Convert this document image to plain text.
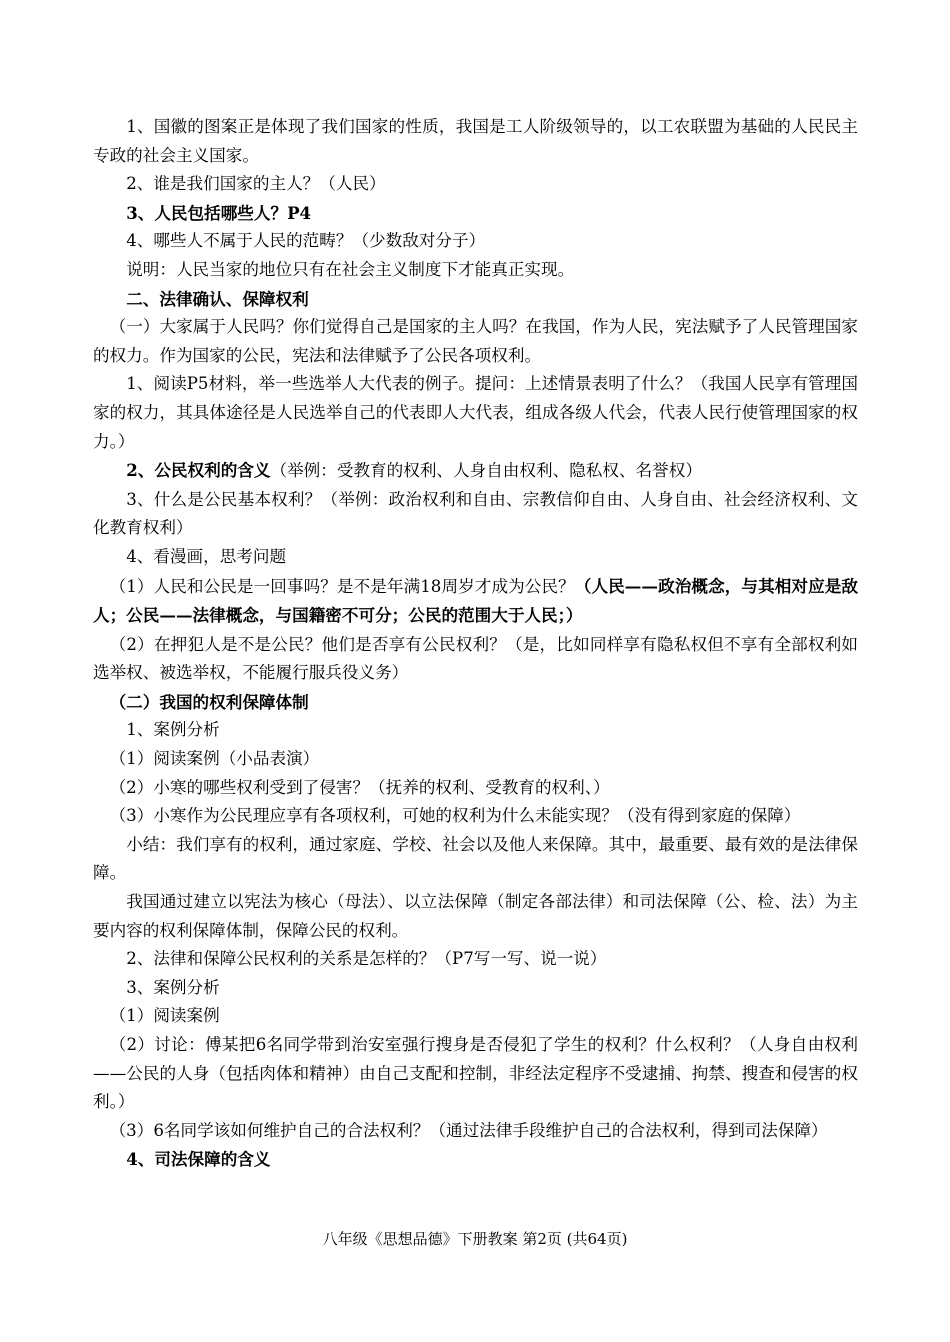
1、国徽的图案正是体现了我们国家的性质，我国是工人阶级领导的，以工农联盟为基础的人民民主专政的社会主义国家。

2、谁是我们国家的主人？（人民）

3、人民包括哪些人？P4

4、哪些人不属于人民的范畴？（少数敌对分子）

说明：人民当家的地位只有在社会主义制度下才能真正实现。

二、法律确认、保障权利

（一）大家属于人民吗？你们觉得自己是国家的主人吗？在我国，作为人民，宪法赋予了人民管理国家的权力。作为国家的公民，宪法和法律赋予了公民各项权利。

1、阅读P5材料，举一些选举人大代表的例子。提问：上述情景表明了什么？（我国人民享有管理国家的权力，其具体途径是人民选举自己的代表即人大代表，组成各级人代会，代表人民行使管理国家的权力。）

2、公民权利的含义（举例：受教育的权利、人身自由权利、隐私权、名誉权）

3、什么是公民基本权利？（举例：政治权利和自由、宗教信仰自由、人身自由、社会经济权利、文化教育权利）

4、看漫画，思考问题

（1）人民和公民是一回事吗？是不是年满18周岁才成为公民？（人民——政治概念，与其相对应是敌人；公民——法律概念，与国籍密不可分；公民的范围大于人民；）

（2）在押犯人是不是公民？他们是否享有公民权利？（是，比如同样享有隐私权但不享有全部权利如选举权、被选举权，不能履行服兵役义务）

（二）我国的权利保障体制

1、案例分析

（1）阅读案例（小品表演）

（2）小寒的哪些权利受到了侵害？（抚养的权利、受教育的权利、）

（3）小寒作为公民理应享有各项权利，可她的权利为什么未能实现？（没有得到家庭的保障）

小结：我们享有的权利，通过家庭、学校、社会以及他人来保障。其中，最重要、最有效的是法律保障。

我国通过建立以宪法为核心（母法）、以立法保障（制定各部法律）和司法保障（公、检、法）为主要内容的权利保障体制，保障公民的权利。

2、法律和保障公民权利的关系是怎样的？（P7写一写、说一说）

3、案例分析

（1）阅读案例

（2）讨论：傅某把6名同学带到治安室强行搜身是否侵犯了学生的权利？什么权利？（人身自由权利——公民的人身（包括肉体和精神）由自己支配和控制，非经法定程序不受逮捕、拘禁、搜查和侵害的权利。）

（3）6名同学该如何维护自己的合法权利？（通过法律手段维护自己的合法权利，得到司法保障）

4、司法保障的含义

八年级《思想品德》下册教案 第2页 (共64页)
